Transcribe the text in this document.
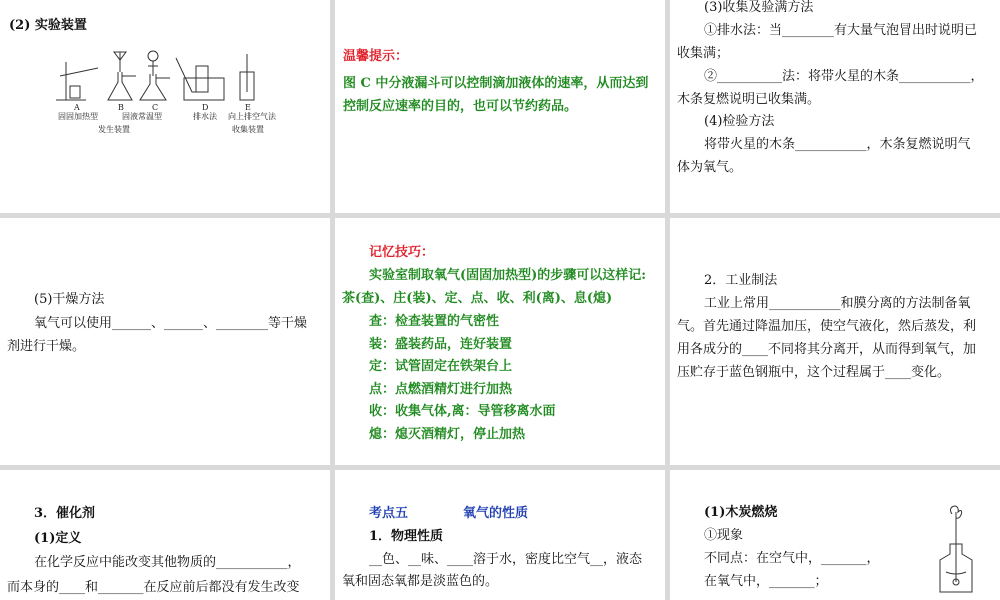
(2) 实验装置
A	B	C	D	E
固固加热型	固液常温型	排水法 向上排空气法
发生装置	收集装置
温馨提示：
图 C 中分液漏斗可以控制滴加液体的速率，从而达到控制反应速率的目的，也可以节约药品。
(3)收集及验满方法
①排水法：当________有大量气泡冒出时说明已
收集满；
②__________法：将带火星的木条___________，
木条复燃说明已收集满。
(4)检验方法
将带火星的木条___________，木条复燃说明气
体为氧气。
(5)干燥方法
氧气可以使用______、______、________等干燥
剂进行干燥。
记忆技巧：
实验室制取氧气(固固加热型)的步骤可以这样记:
茶(查)、庄(装)、定、点、收、利(离)、息(熄)
查：检查装置的气密性
装：盛装药品，连好装置
定：试管固定在铁架台上
点：点燃酒精灯进行加热
收：收集气体,离：导管移离水面
熄：熄灭酒精灯，停止加热
2．工业制法
工业上常用___________和膜分离的方法制备氧
气。首先通过降温加压，使空气液化，然后蒸发，利
用各成分的____不同将其分离开，从而得到氧气，加
压贮存于蓝色钢瓶中，这个过程属于____变化。
3．催化剂
(1)定义
在化学反应中能改变其他物质的___________，
而本身的____和_______在反应前后都没有发生改变
考点五	氧气的性质
1．物理性质
__色、__味、____溶于水，密度比空气__，液态
氧和固态氧都是淡蓝色的。
(1)木炭燃烧
①现象
不同点：在空气中，_______，
在氧气中，_______；
